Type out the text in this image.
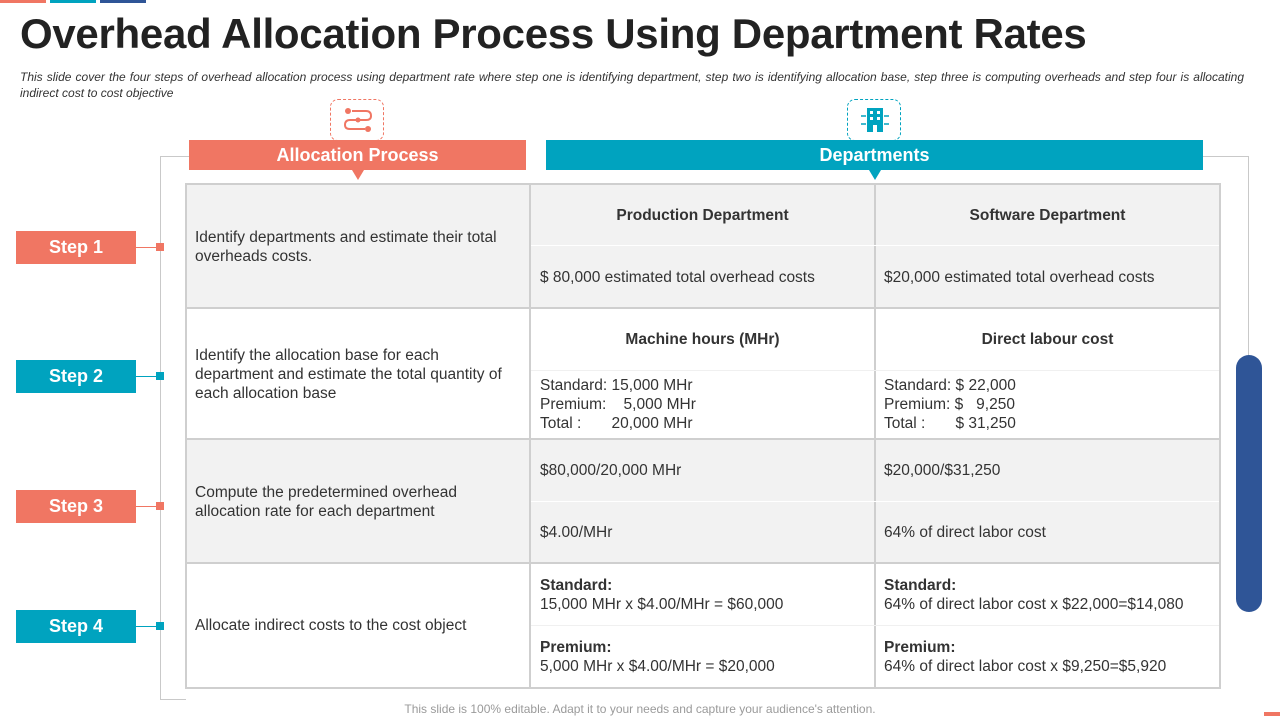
Overhead Allocation Process Using Department Rates

This slide cover the four steps of overhead allocation process using department rate where step one is identifying department, step two is identifying allocation base, step three is computing overheads and step four is allocating indirect cost to cost objective

Allocation Process	Departments
Identify departments and estimate their total overheads costs.
Production Department
$ 80,000 estimated total overhead costs
Software Department
$20,000 estimated total overhead costs
Identify the allocation base for each department and estimate the total quantity of each allocation base
Machine hours (MHr)
Standard: 15,000 MHr
Premium:    5,000 MHr
Total :       20,000 MHr
Direct labour cost
Standard: $ 22,000
Premium: $   9,250
Total :       $ 31,250
Compute the predetermined overhead allocation rate for each department
$80,000/20,000 MHr
$4.00/MHr
$20,000/$31,250
64% of direct labor cost
Allocate indirect costs to the cost object
Standard:
15,000 MHr x $4.00/MHr = $60,000
Premium:
5,000 MHr x $4.00/MHr = $20,000
Standard:
64% of direct labor cost x $22,000=$14,080
Premium:
64% of direct labor cost x $9,250=$5,920
Step 1
Step 2
Step 3
Step 4
This slide is 100% editable. Adapt it to your needs and capture your audience's attention.
